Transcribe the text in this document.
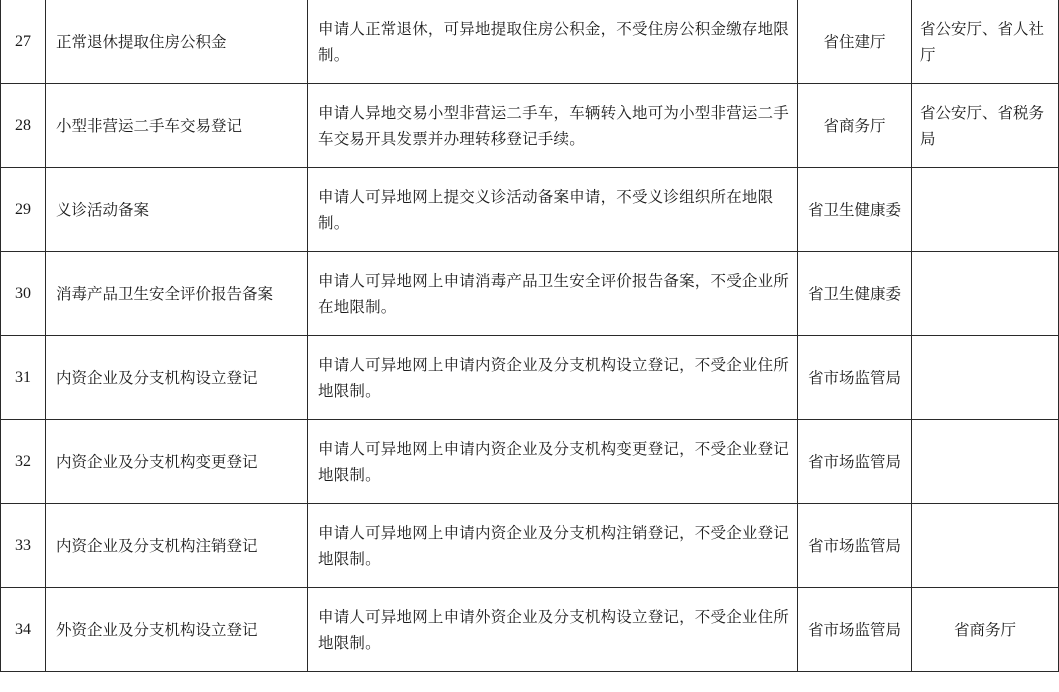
27	正常退休提取住房公积金	申请人正常退休，可异地提取住房公积金，不受住房公积金缴存地限制。	省住建厅	省公安厅、省人社厅
28	小型非营运二手车交易登记	申请人异地交易小型非营运二手车，车辆转入地可为小型非营运二手车交易开具发票并办理转移登记手续。	省商务厅	省公安厅、省税务局
29	义诊活动备案	申请人可异地网上提交义诊活动备案申请，不受义诊组织所在地限制。	省卫生健康委	
30	消毒产品卫生安全评价报告备案	申请人可异地网上申请消毒产品卫生安全评价报告备案，不受企业所在地限制。	省卫生健康委	
31	内资企业及分支机构设立登记	申请人可异地网上申请内资企业及分支机构设立登记，不受企业住所地限制。	省市场监管局	
32	内资企业及分支机构变更登记	申请人可异地网上申请内资企业及分支机构变更登记，不受企业登记地限制。	省市场监管局	
33	内资企业及分支机构注销登记	申请人可异地网上申请内资企业及分支机构注销登记，不受企业登记地限制。	省市场监管局	
34	外资企业及分支机构设立登记	申请人可异地网上申请外资企业及分支机构设立登记，不受企业住所地限制。	省市场监管局	省商务厅
